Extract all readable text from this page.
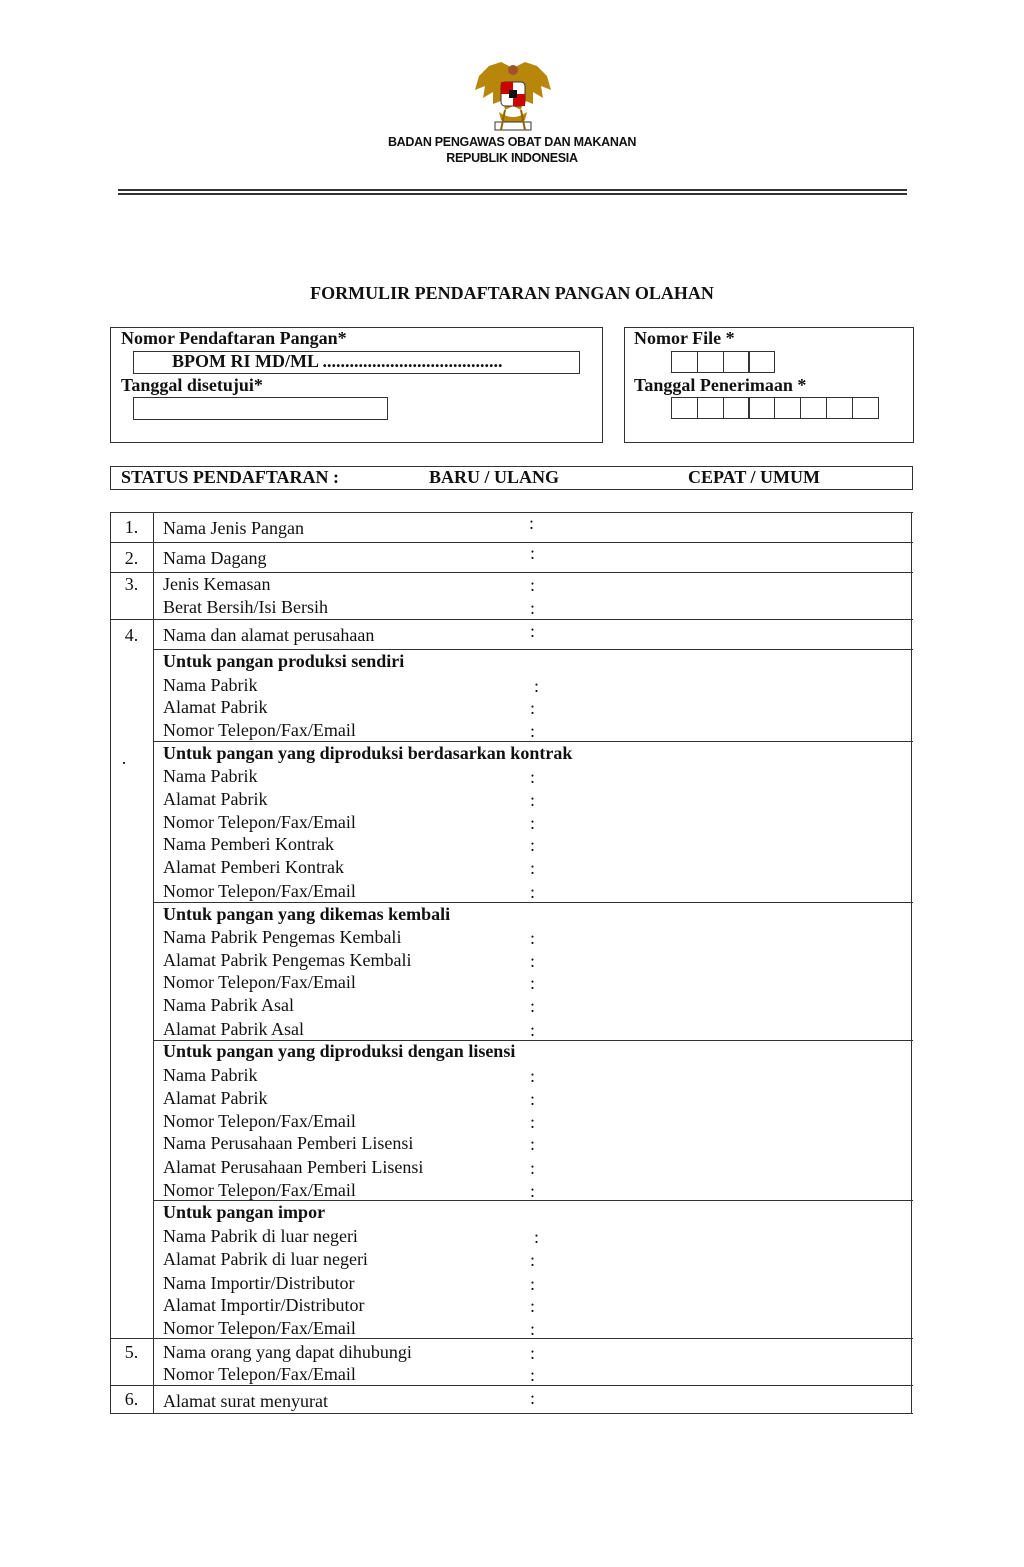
BADAN PENGAWAS OBAT DAN MAKANAN
REPUBLIK INDONESIA
FORMULIR PENDAFTARAN PANGAN OLAHAN
Nomor Pendaftaran Pangan*
BPOM RI MD/ML ........................................
Tanggal disetujui*
Nomor File *
Tanggal Penerimaan *
STATUS PENDAFTARAN :	BARU / ULANG	CEPAT / UMUM
1.	Nama Jenis Pangan	:
2.	Nama Dagang	:
3.	Jenis Kemasan	:
Berat Bersih/Isi Bersih	:
4.	Nama dan alamat perusahaan	:
.
Untuk pangan produksi sendiri
Nama Pabrik	:
Alamat Pabrik	:
Nomor Telepon/Fax/Email	:
Untuk pangan yang diproduksi berdasarkan kontrak
Nama Pabrik	:
Alamat Pabrik	:
Nomor Telepon/Fax/Email	:
Nama Pemberi Kontrak	:
Alamat Pemberi Kontrak	:
Nomor Telepon/Fax/Email	:
Untuk pangan yang dikemas kembali
Nama Pabrik Pengemas Kembali	:
Alamat Pabrik Pengemas Kembali	:
Nomor Telepon/Fax/Email	:
Nama Pabrik Asal	:
Alamat Pabrik Asal	:
Untuk pangan yang diproduksi dengan lisensi
Nama Pabrik	:
Alamat Pabrik	:
Nomor Telepon/Fax/Email	:
Nama Perusahaan Pemberi Lisensi	:
Alamat Perusahaan Pemberi Lisensi	:
Nomor Telepon/Fax/Email	:
Untuk pangan impor
Nama Pabrik di luar negeri	:
Alamat Pabrik di luar negeri	:
Nama Importir/Distributor	:
Alamat Importir/Distributor	:
Nomor Telepon/Fax/Email	:
5.	Nama orang yang dapat dihubungi	:
Nomor Telepon/Fax/Email	:
6.	Alamat surat menyurat	:
